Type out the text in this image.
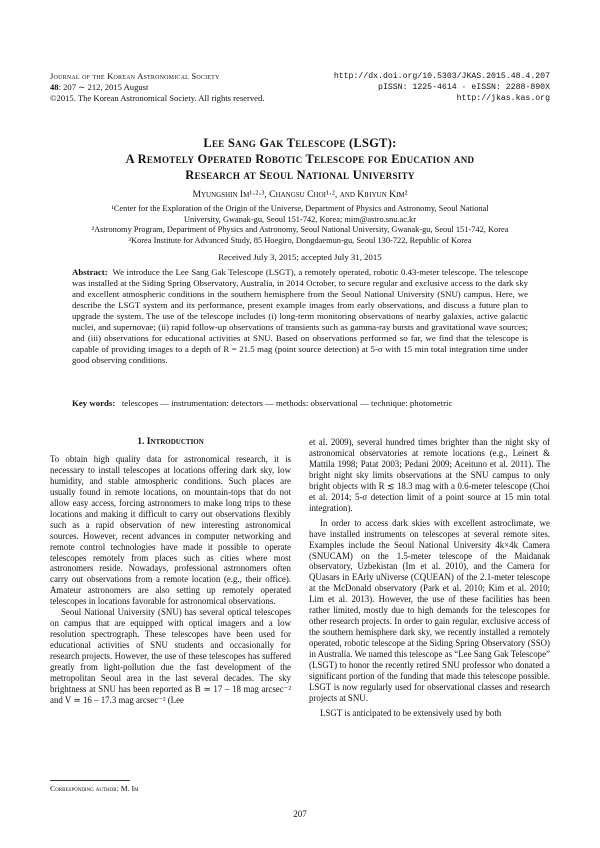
Journal of the Korean Astronomical Society
48: 207 ∼ 212, 2015 August
©2015. The Korean Astronomical Society. All rights reserved.
http://dx.doi.org/10.5303/JKAS.2015.48.4.207
pISSN: 1225-4614 · eISSN: 2288-890X
http://jkas.kas.org
Lee Sang Gak Telescope (LSGT):
A Remotely Operated Robotic Telescope for Education and
Research at Seoul National University
Myungshin Im¹·²·³, Changsu Choi¹·², and Kihyun Kim²
¹Center for the Exploration of the Origin of the Universe, Department of Physics and Astronomy, Seoul National
University, Gwanak-gu, Seoul 151-742, Korea; mim@astro.snu.ac.kr
²Astronomy Program, Department of Physics and Astronomy, Seoul National University, Gwanak-gu, Seoul 151-742, Korea
³Korea Institute for Advanced Study, 85 Hoegiro, Dongdaemun-gu, Seoul 130-722, Republic of Korea
Received July 3, 2015; accepted July 31, 2015
Abstract: We introduce the Lee Sang Gak Telescope (LSGT), a remotely operated, robotic 0.43-meter telescope. The telescope was installed at the Siding Spring Observatory, Australia, in 2014 October, to secure regular and exclusive access to the dark sky and excellent atmospheric conditions in the southern hemisphere from the Seoul National University (SNU) campus. Here, we describe the LSGT system and its performance, present example images from early observations, and discuss a future plan to upgrade the system. The use of the telescope includes (i) long-term monitoring observations of nearby galaxies, active galactic nuclei, and supernovae; (ii) rapid follow-up observations of transients such as gamma-ray bursts and gravitational wave sources; and (iii) observations for educational activities at SNU. Based on observations performed so far, we find that the telescope is capable of providing images to a depth of R = 21.5 mag (point source detection) at 5-σ with 15 min total integration time under good observing conditions.
Key words: telescopes — instrumentation: detectors — methods: observational — technique: photometric
1. Introduction

To obtain high quality data for astronomical research, it is necessary to install telescopes at locations offering dark sky, low humidity, and stable atmospheric conditions. Such places are usually found in remote locations, on mountain-tops that do not allow easy access, forcing astronomers to make long trips to these locations and making it difficult to carry out observations flexibly such as a rapid observation of new interesting astronomical sources. However, recent advances in computer networking and remote control technologies have made it possible to operate telescopes remotely from places such as cities where most astronomers reside. Nowadays, professional astronomers often carry out observations from a remote location (e.g., their office). Amateur astronomers are also setting up remotely operated telescopes in locations favorable for astronomical observations.

Seoul National University (SNU) has several optical telescopes on campus that are equipped with optical imagers and a low resolution spectrograph. These telescopes have been used for educational activities of SNU students and occasionally for research projects. However, the use of these telescopes has suffered greatly from light-pollution due the fast development of the metropolitan Seoul area in the last several decades. The sky brightness at SNU has been reported as B ≃ 17 – 18 mag arcsec⁻² and V ≃ 16 – 17.3 mag arcsec⁻² (Lee

Corresponding author: M. Im

et al. 2009), several hundred times brighter than the night sky of astronomical observatories at remote locations (e.g., Leinert & Mattila 1998; Patat 2003; Pedani 2009; Aceituno et al. 2011). The bright night sky limits observations at the SNU campus to only bright objects with R ≲ 18.3 mag with a 0.6-meter telescope (Choi et al. 2014; 5-σ detection limit of a point source at 15 min total integration).

In order to access dark skies with excellent astroclimate, we have installed instruments on telescopes at several remote sites. Examples include the Seoul National University 4k×4k Camera (SNUCAM) on the 1.5-meter telescope of the Maidanak observatory, Uzbekistan (Im et al. 2010), and the Camera for QUasars in EArly uNiverse (CQUEAN) of the 2.1-meter telescope at the McDonald observatory (Park et al. 2010; Kim et al. 2010; Lim et al. 2013). However, the use of these facilities has been rather limited, mostly due to high demands for the telescopes for other research projects. In order to gain regular, exclusive access of the southern hemisphere dark sky, we recently installed a remotely operated, robotic telescope at the Siding Spring Observatory (SSO) in Australia. We named this telescope as “Lee Sang Gak Telescope” (LSGT) to honor the recently retired SNU professor who donated a significant portion of the funding that made this telescope possible. LSGT is now regularly used for observational classes and research projects at SNU.

LSGT is anticipated to be extensively used by both

207
